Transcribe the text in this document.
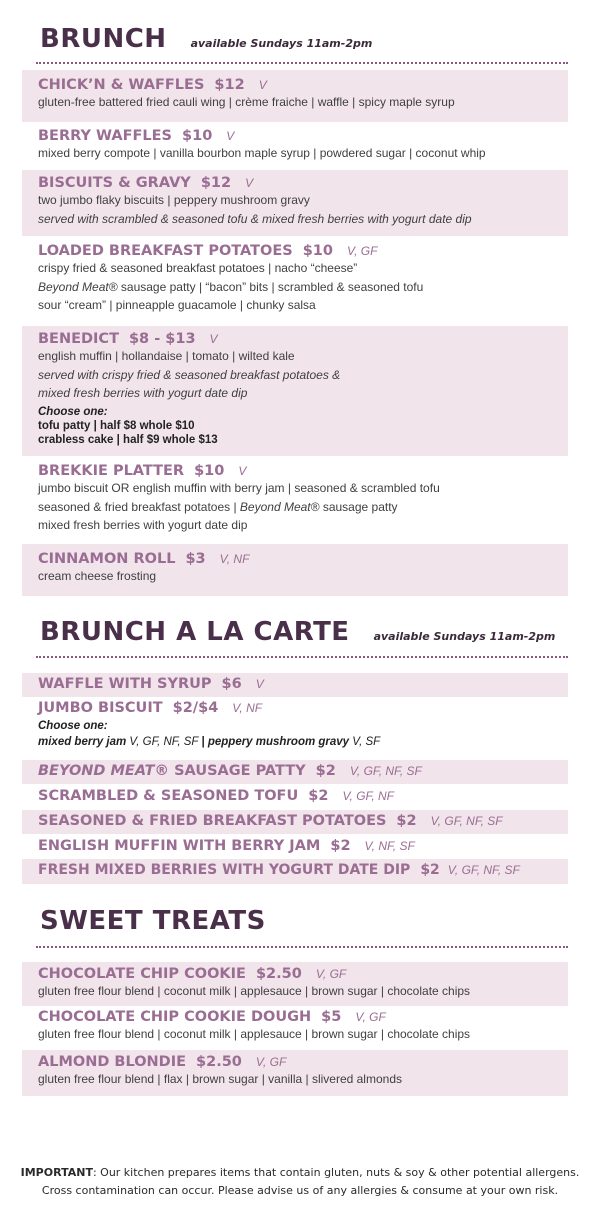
BRUNCH available Sundays 11am-2pm
CHICK’N & WAFFLES $12 V
gluten-free battered fried cauli wing | crème fraiche | waffle | spicy maple syrup
BERRY WAFFLES $10 V
mixed berry compote | vanilla bourbon maple syrup | powdered sugar | coconut whip
BISCUITS & GRAVY $12 V
two jumbo flaky biscuits | peppery mushroom gravy
served with scrambled & seasoned tofu & mixed fresh berries with yogurt date dip
LOADED BREAKFAST POTATOES $10 V, GF
crispy fried & seasoned breakfast potatoes | nacho “cheese”
Beyond Meat® sausage patty | “bacon” bits | scrambled & seasoned tofu
sour “cream” | pinneapple guacamole | chunky salsa
BENEDICT $8 - $13 V
english muffin | hollandaise | tomato | wilted kale
served with crispy fried & seasoned breakfast potatoes &
mixed fresh berries with yogurt date dip
Choose one:
tofu patty | half $8 whole $10
crabless cake | half $9 whole $13
BREKKIE PLATTER $10 V
jumbo biscuit OR english muffin with berry jam | seasoned & scrambled tofu
seasoned & fried breakfast potatoes | Beyond Meat® sausage patty
mixed fresh berries with yogurt date dip
CINNAMON ROLL $3 V, NF
cream cheese frosting
BRUNCH A LA CARTE available Sundays 11am-2pm
WAFFLE WITH SYRUP $6 V
JUMBO BISCUIT $2/$4 V, NF
Choose one:
mixed berry jam V, GF, NF, SF | peppery mushroom gravy V, SF
BEYOND MEAT® SAUSAGE PATTY $2 V, GF, NF, SF
SCRAMBLED & SEASONED TOFU $2 V, GF, NF
SEASONED & FRIED BREAKFAST POTATOES $2 V, GF, NF, SF
ENGLISH MUFFIN WITH BERRY JAM $2 V, NF, SF
FRESH MIXED BERRIES WITH YOGURT DATE DIP $2 V, GF, NF, SF
SWEET TREATS
CHOCOLATE CHIP COOKIE $2.50 V, GF
gluten free flour blend | coconut milk | applesauce | brown sugar | chocolate chips
CHOCOLATE CHIP COOKIE DOUGH $5 V, GF
gluten free flour blend | coconut milk | applesauce | brown sugar | chocolate chips
ALMOND BLONDIE $2.50 V, GF
gluten free flour blend | flax | brown sugar | vanilla | slivered almonds
IMPORTANT: Our kitchen prepares items that contain gluten, nuts & soy & other potential allergens.
Cross contamination can occur. Please advise us of any allergies & consume at your own risk.
